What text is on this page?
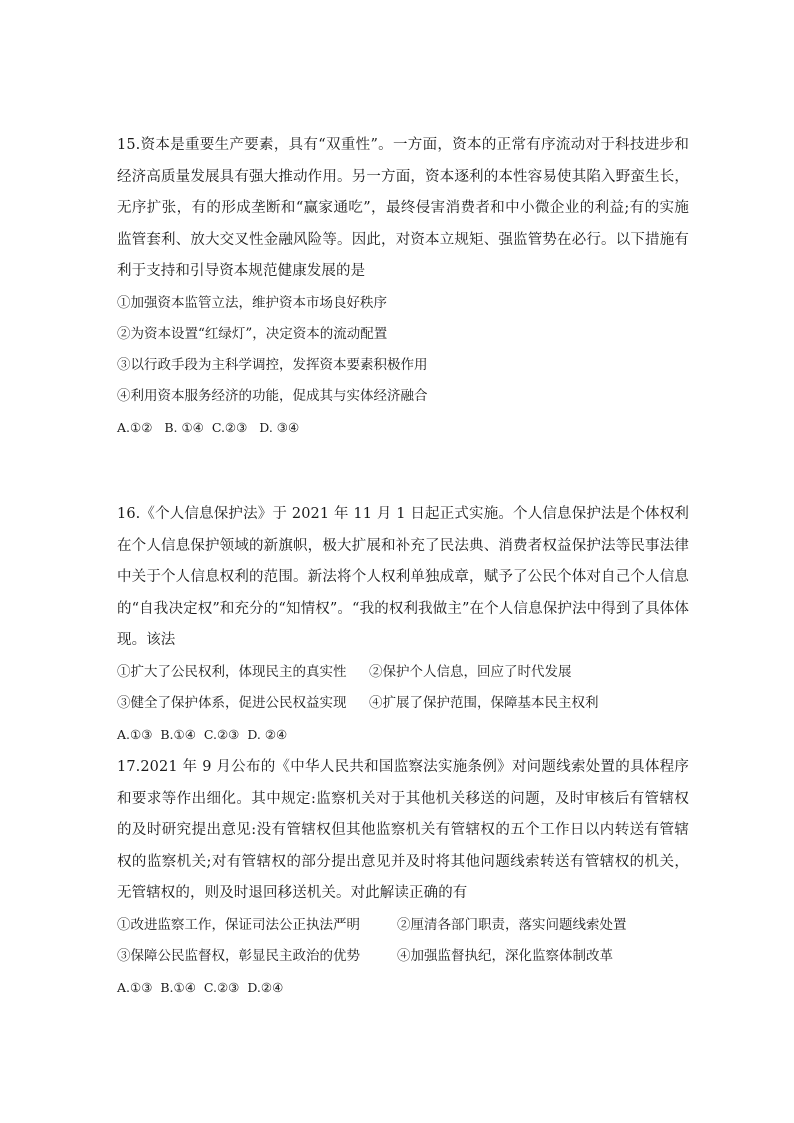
15.资本是重要生产要素，具有“双重性”。一方面，资本的正常有序流动对于科技进步和经济高质量发展具有强大推动作用。另一方面，资本逐利的本性容易使其陷入野蛮生长，无序扩张，有的形成垄断和“赢家通吃”，最终侵害消费者和中小微企业的利益;有的实施监管套利、放大交叉性金融风险等。因此，对资本立规矩、强监管势在必行。以下措施有利于支持和引导资本规范健康发展的是

①加强资本监管立法，维护资本市场良好秩序

②为资本设置“红绿灯”，决定资本的流动配置

③以行政手段为主科学调控，发挥资本要素积极作用

④利用资本服务经济的功能，促成其与实体经济融合

A.①②   B. ①④  C.②③   D. ③④

16.《个人信息保护法》于 2021 年 11 月 1 日起正式实施。个人信息保护法是个体权利在个人信息保护领域的新旗帜，极大扩展和补充了民法典、消费者权益保护法等民事法律中关于个人信息权利的范围。新法将个人权利单独成章，赋予了公民个体对自己个人信息的“自我决定权”和充分的“知情权”。“我的权利我做主”在个人信息保护法中得到了具体体现。该法

①扩大了公民权利，体现民主的真实性	②保护个人信息，回应了时代发展
③健全了保护体系，促进公民权益实现	④扩展了保护范围，保障基本民主权利

A.①③  B.①④  C.②③  D. ②④

17.2021 年 9 月公布的《中华人民共和国监察法实施条例》对问题线索处置的具体程序和要求等作出细化。其中规定:监察机关对于其他机关移送的问题，及时审核后有管辖权的及时研究提出意见:没有管辖权但其他监察机关有管辖权的五个工作日以内转送有管辖权的监察机关;对有管辖权的部分提出意见并及时将其他问题线索转送有管辖权的机关，无管辖权的，则及时退回移送机关。对此解读正确的有

①改进监察工作，保证司法公正执法严明	②厘清各部门职责，落实问题线索处置
③保障公民监督权，彰显民主政治的优势	④加强监督执纪，深化监察体制改革

A.①③  B.①④  C.②③  D.②④
